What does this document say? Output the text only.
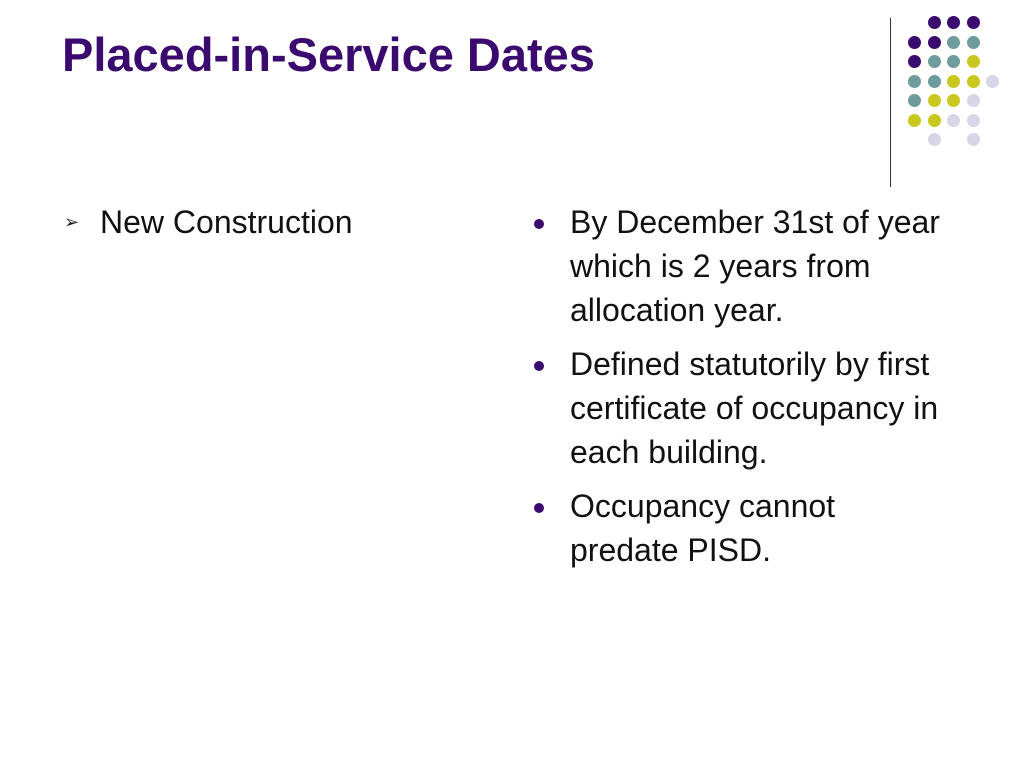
Placed-in-Service Dates
➢ New Construction	By December 31st of year which is 2 years from allocation year.
Defined statutorily by first certificate of occupancy in each building.
Occupancy cannot predate PISD.
